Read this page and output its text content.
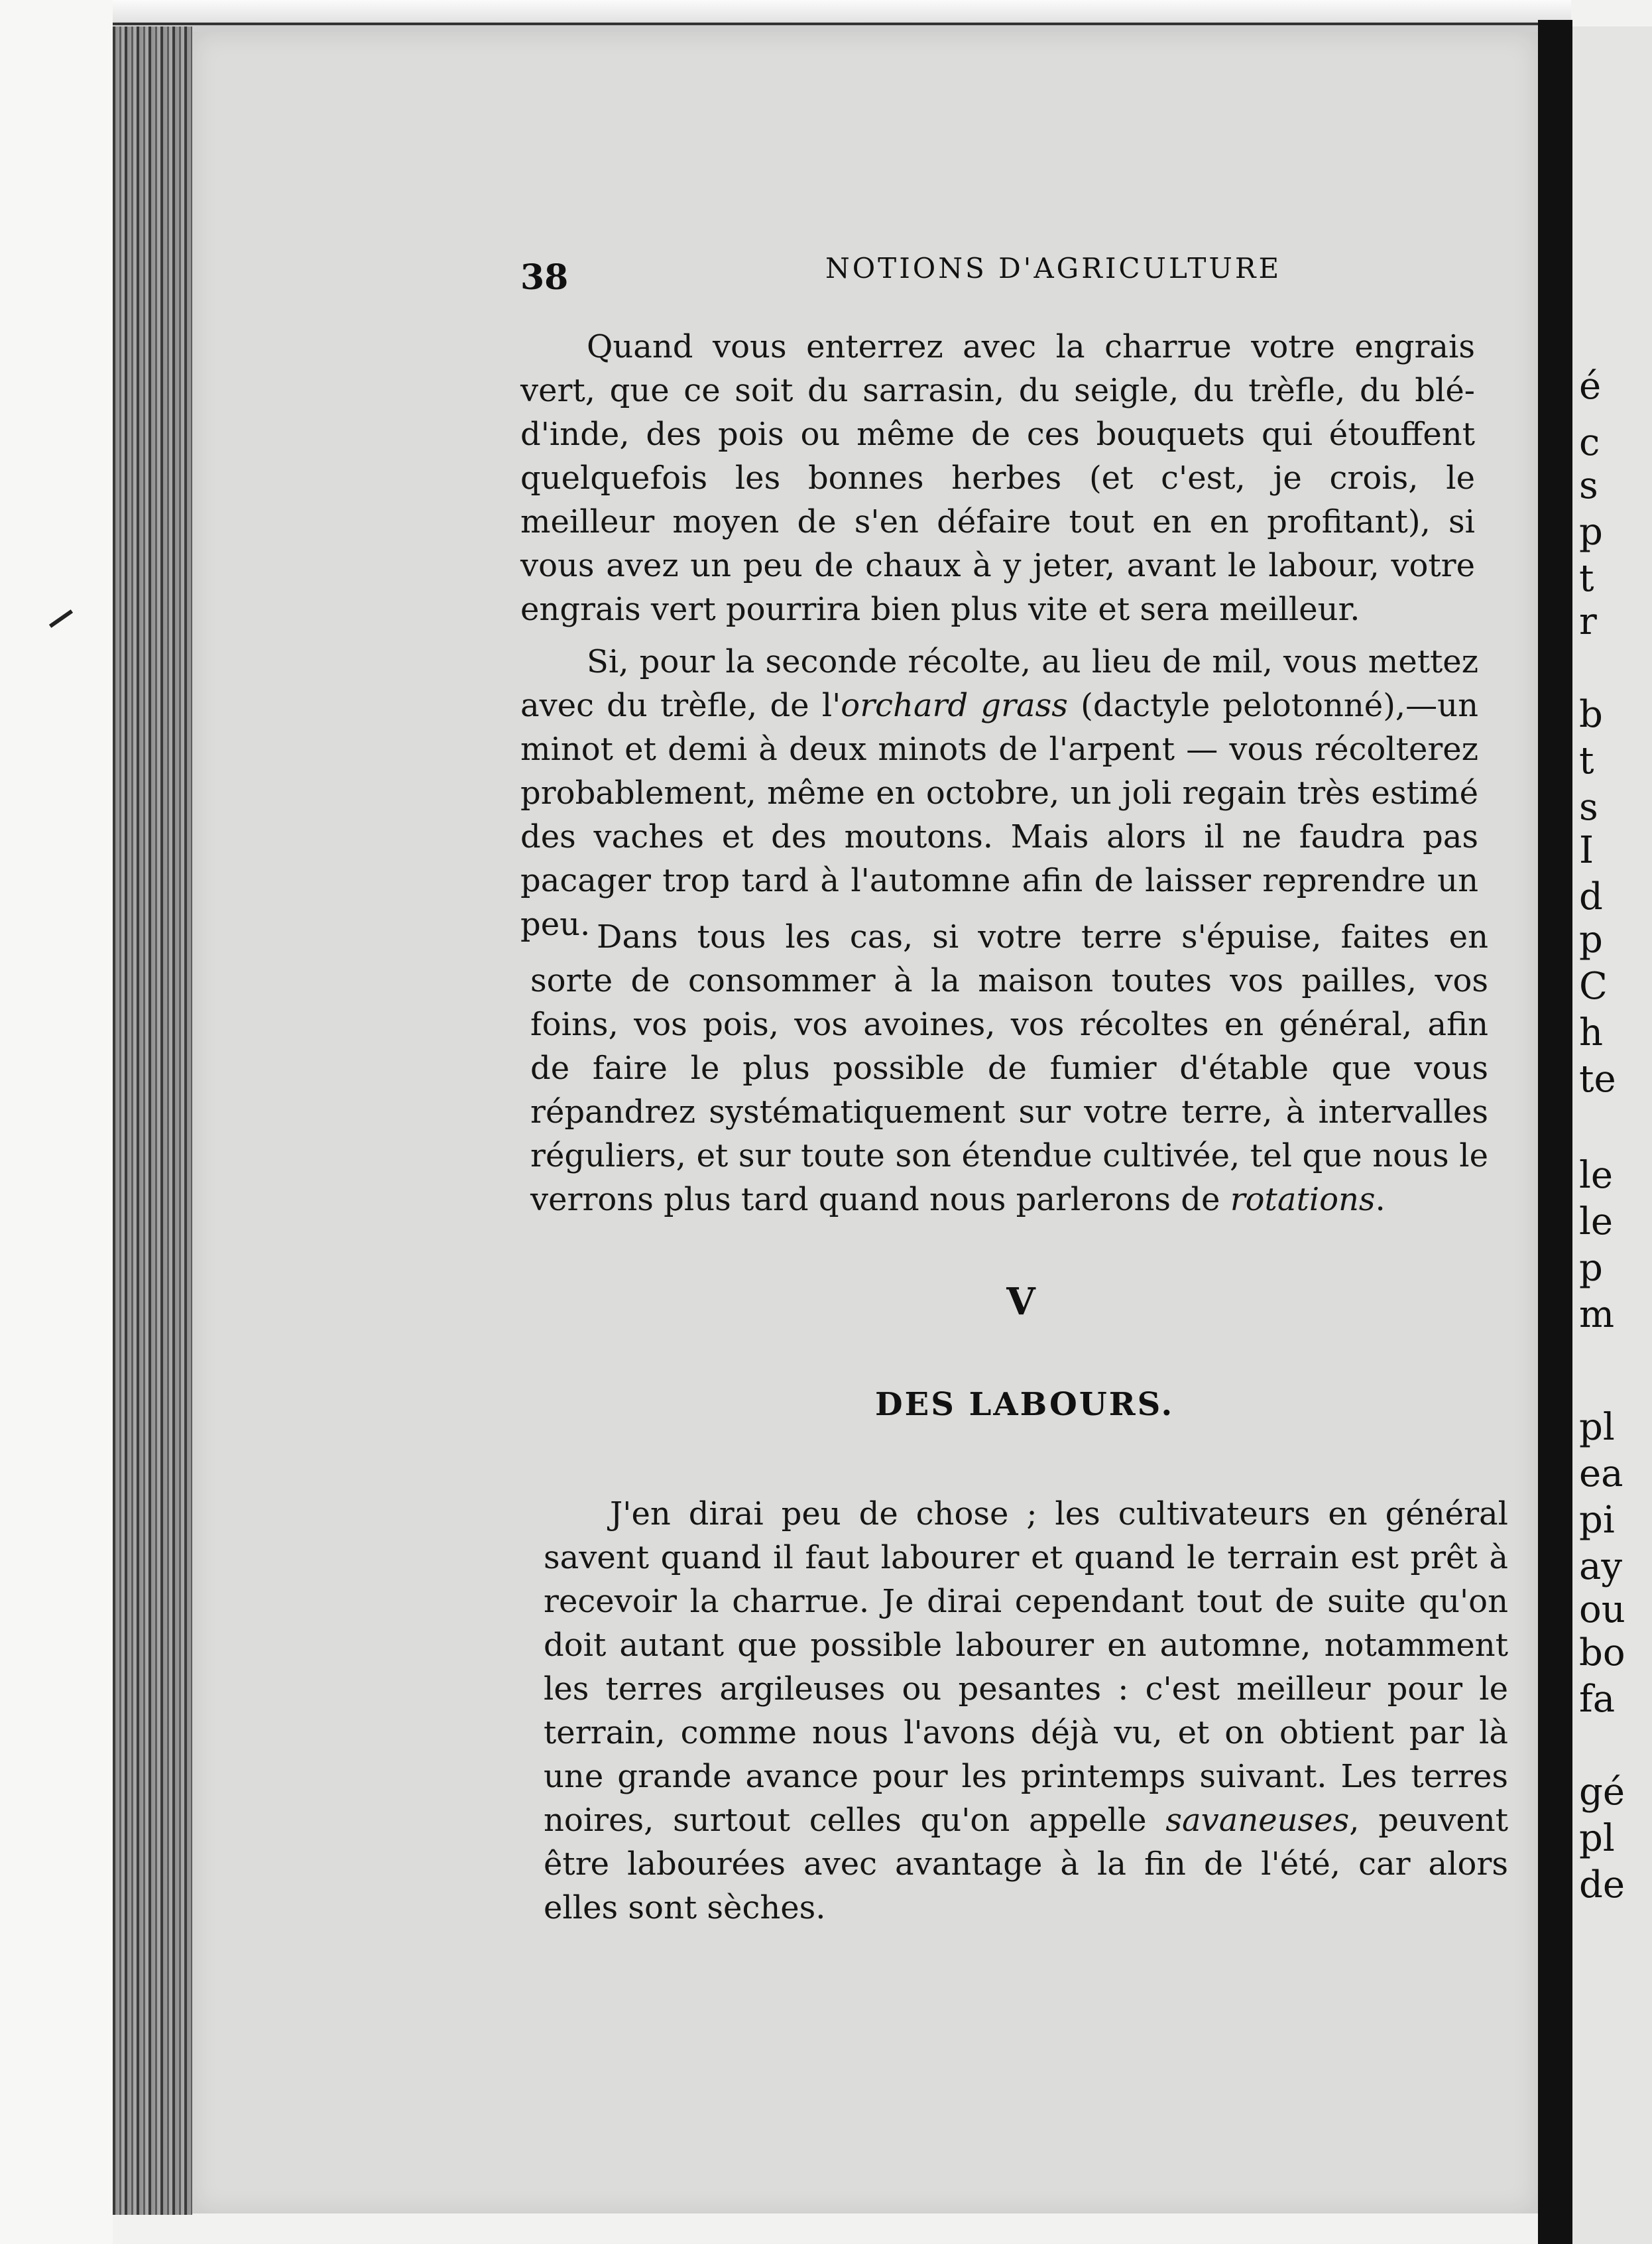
é
c
s
p
t
r
b
t
s
I
d
p
C
h
te
le
le
p
m
pl
ea
pi
ay
ou
bo
fa
gé
pl
de
38	NOTIONS D'AGRICULTURE

Quand vous enterrez avec la charrue votre engrais vert, que ce soit du sarrasin, du seigle, du trèfle, du blé-d'inde, des pois ou même de ces bouquets qui étouffent quelquefois les bonnes herbes (et c'est, je crois, le meilleur moyen de s'en défaire tout en en profitant), si vous avez un peu de chaux à y jeter, avant le labour, votre engrais vert pourrira bien plus vite et sera meilleur.

Si, pour la seconde récolte, au lieu de mil, vous mettez avec du trèfle, de l'orchard grass (dactyle pelotonné),—un minot et demi à deux minots de l'arpent — vous récolterez probablement, même en octobre, un joli regain très estimé des vaches et des moutons. Mais alors il ne faudra pas pacager trop tard à l'automne afin de laisser reprendre un peu. Dans tous les cas, si votre terre s'épuise, faites en sorte de consommer à la maison toutes vos pailles, vos foins, vos pois, vos avoines, vos récoltes en général, afin de faire le plus possible de fumier d'étable que vous répandrez systématiquement sur votre terre, à intervalles réguliers, et sur toute son étendue cultivée, tel que nous le verrons plus tard quand nous parlerons de rotations.

V
DES LABOURS.

J'en dirai peu de chose ; les cultivateurs en général savent quand il faut labourer et quand le terrain est prêt à recevoir la charrue. Je dirai cependant tout de suite qu'on doit autant que possible labourer en automne, notamment les terres argileuses ou pesantes : c'est meilleur pour le terrain, comme nous l'avons déjà vu, et on obtient par là une grande avance pour les printemps suivant. Les terres noires, surtout celles qu'on appelle savaneuses, peuvent être labourées avec avantage à la fin de l'été, car alors elles sont sèches.
